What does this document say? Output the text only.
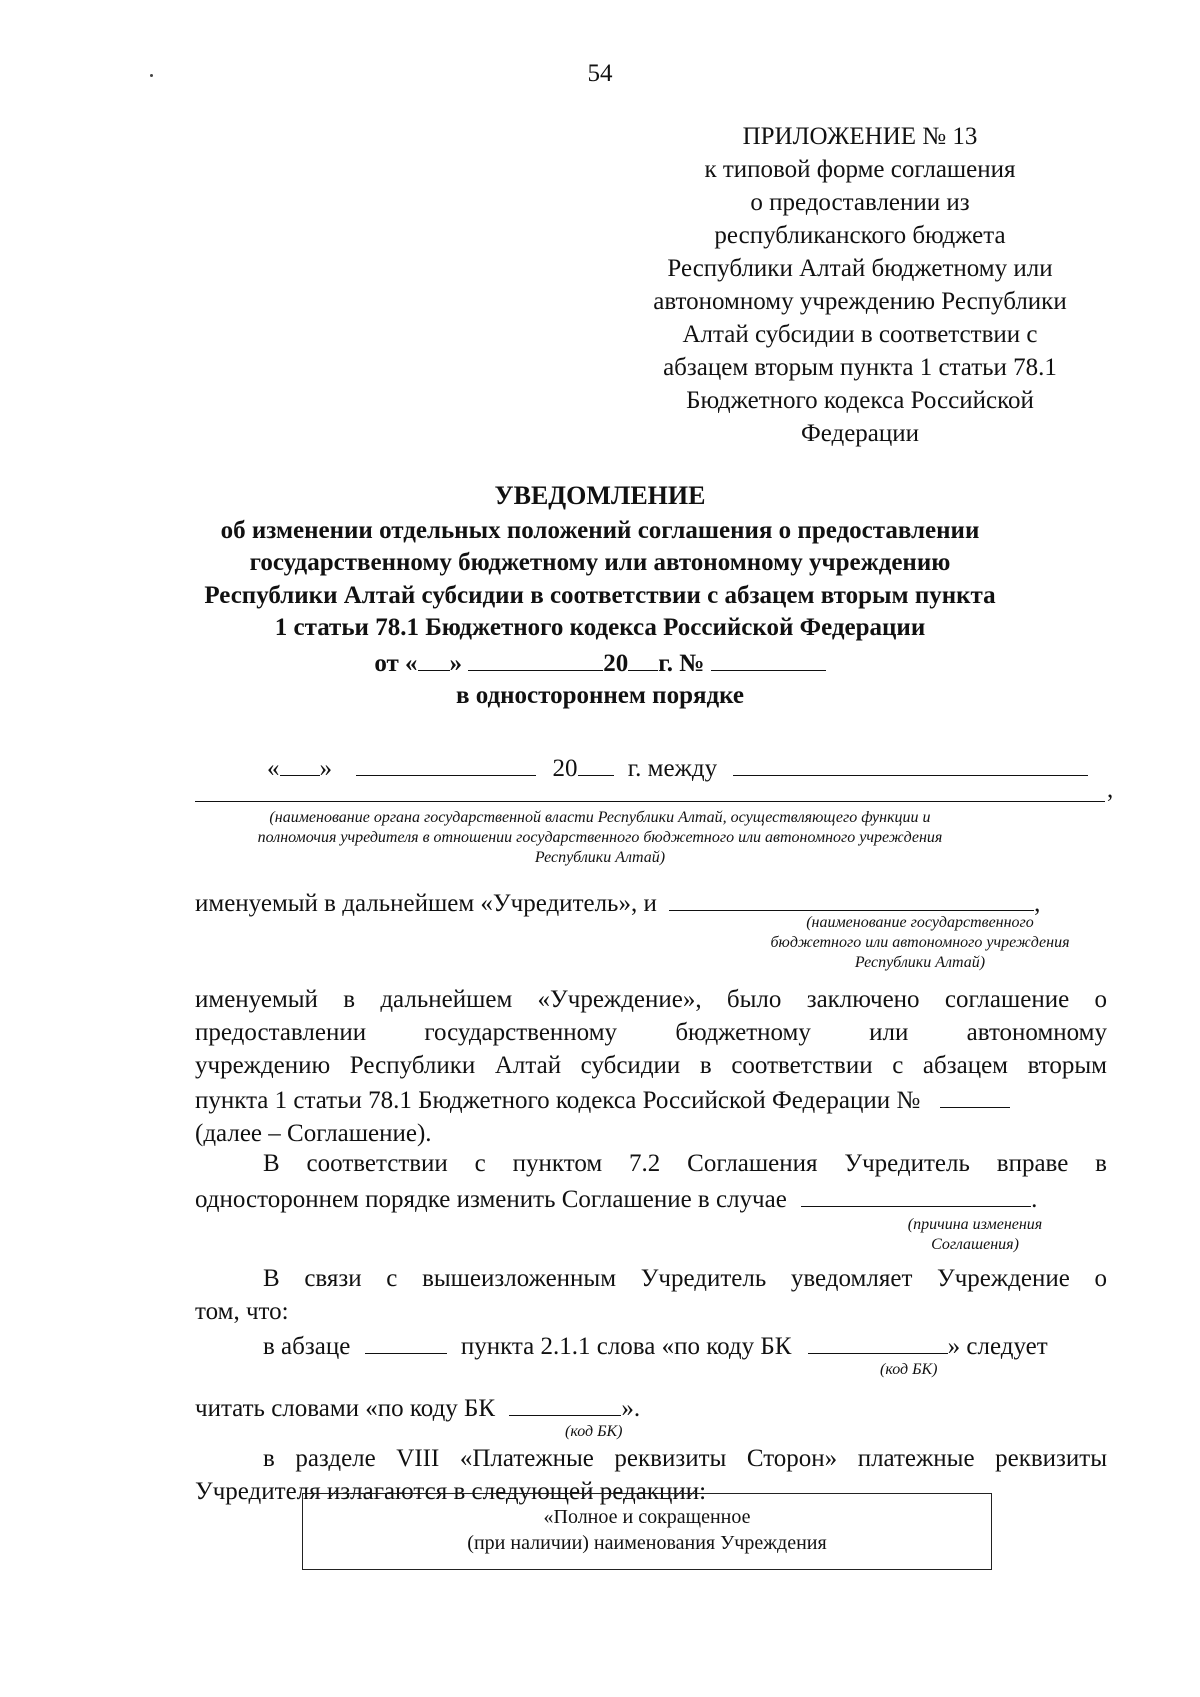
54
ПРИЛОЖЕНИЕ № 13
к типовой форме соглашения
о предоставлении из
республиканского бюджета
Республики Алтай бюджетному или
автономному учреждению Республики
Алтай субсидии в соответствии с
абзацем вторым пункта 1 статьи 78.1
Бюджетного кодекса Российской
Федерации
УВЕДОМЛЕНИЕ
об изменении отдельных положений соглашения о предоставлении
государственному бюджетному или автономному учреждению
Республики Алтай субсидии в соответствии с абзацем вторым пункта
1 статьи 78.1 Бюджетного кодекса Российской Федерации
от « »	20 г. №
в одностороннем порядке
« »	20 г. между
,
(наименование органа государственной власти Республики Алтай, осуществляющего функции и
полномочия учредителя в отношении государственного бюджетного или автономного учреждения
Республики Алтай)
именуемый в дальнейшем «Учредитель», и	,
(наименование государственного
бюджетного или автономного учреждения
Республики Алтай)
именуемый в дальнейшем «Учреждение», было заключено соглашение о
предоставлении государственному бюджетному или автономному
учреждению Республики Алтай субсидии в соответствии с абзацем вторым
пункта 1 статьи 78.1 Бюджетного кодекса Российской Федерации №
(далее – Соглашение).
В соответствии с пунктом 7.2 Соглашения Учредитель вправе в
одностороннем порядке изменить Соглашение в случае	.
(причина изменения
Соглашения)
В связи с вышеизложенным Учредитель уведомляет Учреждение о
том, что:
в абзаце	пункта 2.1.1 слова «по коду БК	» следует
(код БК)
читать словами «по коду БК	».
(код БК)
в разделе VIII «Платежные реквизиты Сторон» платежные реквизиты
Учредителя излагаются в следующей редакции:
«Полное и сокращенное
(при наличии) наименования Учреждения
